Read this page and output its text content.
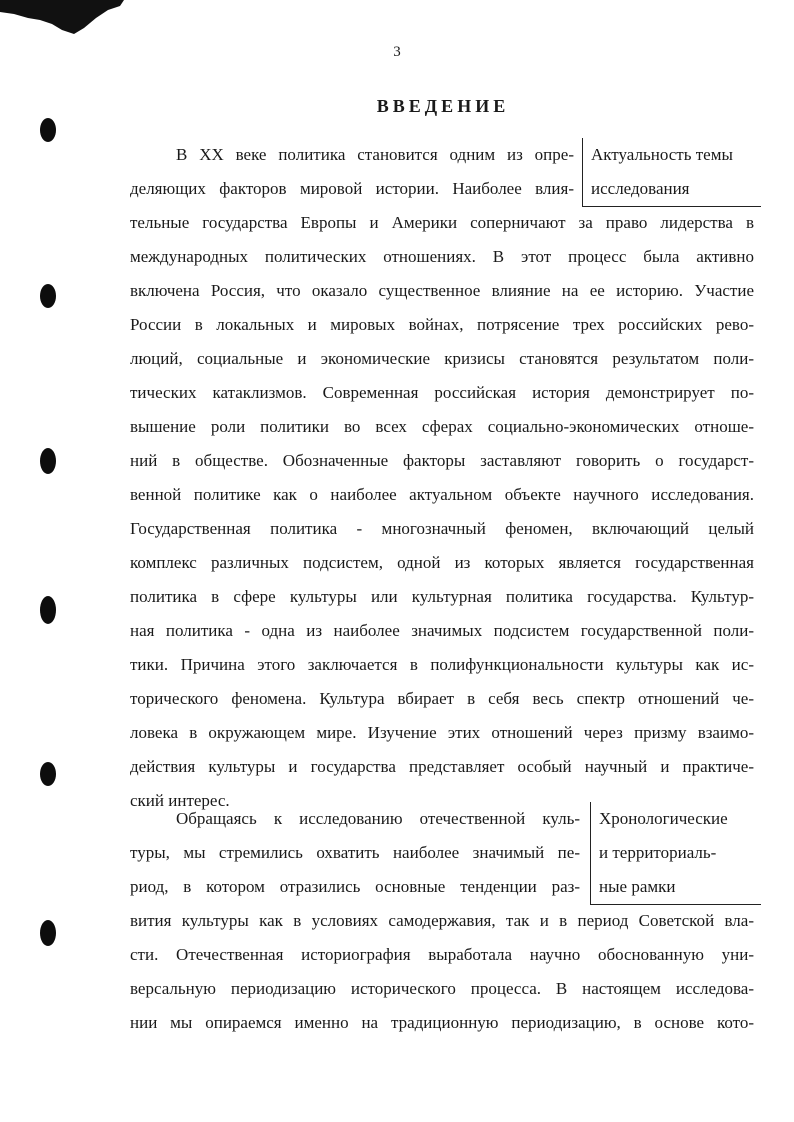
3
ВВЕДЕНИЕ
Актуальность темы
исследования
Хронологические
и территориаль-
ные рамки

В XX веке политика становится одним из опре-

деляющих факторов мировой истории. Наиболее влия-

тельные государства Европы и Америки соперничают за право лидерства в

международных политических отношениях. В этот процесс была активно

включена Россия, что оказало существенное влияние на ее историю. Участие

России в локальных и мировых войнах, потрясение трех российских рево-

люций, социальные и экономические кризисы становятся результатом поли-

тических катаклизмов. Современная российская история демонстрирует по-

вышение роли политики во всех сферах социально-экономических отноше-

ний в обществе. Обозначенные факторы заставляют говорить о государст-

венной политике как о наиболее актуальном объекте научного исследования.

Государственная политика - многозначный феномен, включающий целый

комплекс различных подсистем, одной из которых является государственная

политика в сфере культуры или культурная политика государства. Культур-

ная политика - одна из наиболее значимых подсистем государственной поли-

тики. Причина этого заключается в полифункциональности культуры как ис-

торического феномена. Культура вбирает в себя весь спектр отношений че-

ловека в окружающем мире. Изучение этих отношений через призму взаимо-

действия культуры и государства представляет особый научный и практиче-

ский интерес.

Обращаясь к исследованию отечественной куль-

туры, мы стремились охватить наиболее значимый пе-

риод, в котором отразились основные тенденции раз-

вития культуры как в условиях самодержавия, так и в период Советской вла-

сти. Отечественная историография выработала научно обоснованную уни-

версальную периодизацию исторического процесса. В настоящем исследова-

нии мы опираемся именно на традиционную периодизацию, в основе кото-
